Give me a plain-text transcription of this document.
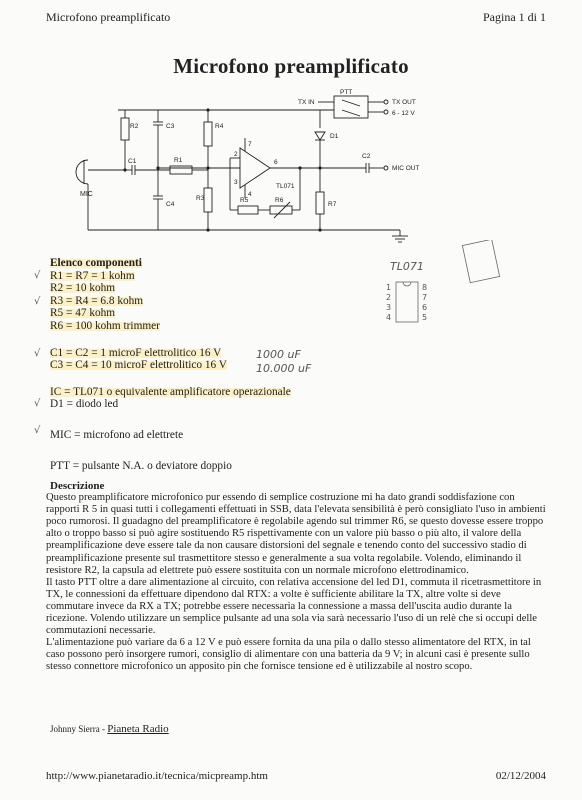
Microfono preamplificato	Pagina 1 di 1
Microfono preamplificato
R2	C3	R4
C1	R1
C4
R3	R5	R6
R7
D1
C2
TL071
MIC
PTT
TX IN	TX OUT
6 - 12 V
MIC OUT
2
3
6
4
7
TL071
1
2
3
4
8
7
6
5
Elenco componenti
R1 = R7 = 1 kohm
R2 = 10 kohm
R3 = R4 = 6.8 kohm
R5 = 47 kohm
R6 = 100 kohm trimmer
C1 = C2 = 1 microF elettrolitico 16 V
C3 = C4 = 10 microF elettrolitico 16 V
IC = TL071 o equivalente amplificatore operazionale
D1 = diodo led
MIC = microfono ad elettrete
PTT = pulsante N.A. o deviatore doppio
√
√
√
√
√
1000 uF
10.000 uF
Descrizione

Questo preamplificatore microfonico pur essendo di semplice costruzione mi ha dato grandi soddisfazione con rapporti R 5 in quasi tutti i collegamenti effettuati in SSB, data l'elevata sensibilità è però consigliato l'uso in ambienti poco rumorosi. Il guadagno del preamplificatore è regolabile agendo sul trimmer R6, se questo dovesse essere troppo alto o troppo basso si può agire sostituendo R5 rispettivamente con un valore più basso o più alto, il valore della preamplificazione deve essere tale da non causare distorsioni del segnale e tenendo conto del successivo stadio di preamplificazione presente sul trasmettitore stesso e generalmente a sua volta regolabile. Volendo, eliminando il resistore R2, la capsula ad elettrete può essere sostituita con un normale microfono elettrodinamico.

Il tasto PTT oltre a dare alimentazione al circuito, con relativa accensione del led D1, commuta il ricetrasmettitore in TX, le connessioni da effettuare dipendono dal RTX: a volte è sufficiente abilitare la TX, altre volte si deve commutare invece da RX a TX; potrebbe essere necessaria la connessione a massa dell'uscita audio durante la ricezione. Volendo utilizzare un semplice pulsante ad una sola via sarà necessario l'uso di un relè che si occupi delle commutazioni necessarie.

L'alimentazione può variare da 6 a 12 V e può essere fornita da una pila o dallo stesso alimentatore del RTX, in tal caso possono però insorgere rumori, consiglio di alimentare con una batteria da 9 V; in alcuni casi è presente sullo stesso connettore microfonico un apposito pin che fornisce tensione ed è utilizzabile al nostro scopo.

Johnny Sierra - Pianeta Radio
http://www.pianetaradio.it/tecnica/micpreamp.htm	02/12/2004
